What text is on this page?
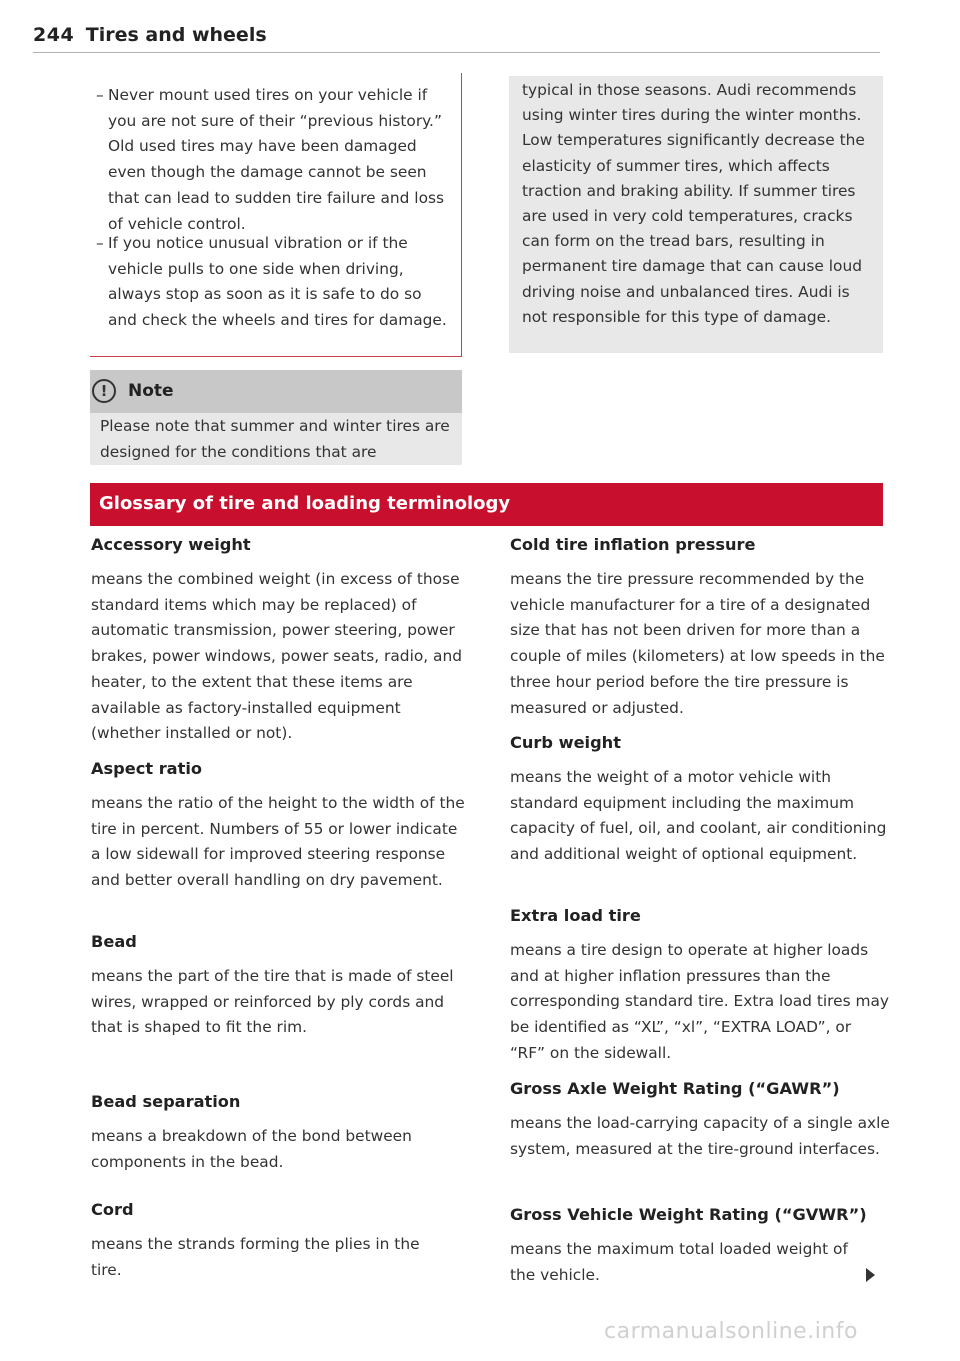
244 Tires and wheels
– Never mount used tires on your vehicle if you are not sure of their “previous history.” Old used tires may have been damaged even though the damage cannot be seen that can lead to sudden tire failure and loss of vehicle control.
– If you notice unusual vibration or if the vehicle pulls to one side when driving, always stop as soon as it is safe to do so and check the wheels and tires for damage.
!	Note
Please note that summer and winter tires are designed for the conditions that are
typical in those seasons. Audi recommends using winter tires during the winter months. Low temperatures significantly decrease the elasticity of summer tires, which affects traction and braking ability. If summer tires are used in very cold temperatures, cracks can form on the tread bars, resulting in permanent tire damage that can cause loud driving noise and unbalanced tires. Audi is not responsible for this type of damage.
Glossary of tire and loading terminology
Accessory weight
means the combined weight (in excess of those standard items which may be replaced) of automatic transmission, power steering, power brakes, power windows, power seats, radio, and heater, to the extent that these items are available as factory-installed equipment (whether installed or not).
Aspect ratio
means the ratio of the height to the width of the tire in percent. Numbers of 55 or lower indicate a low sidewall for improved steering response and better overall handling on dry pavement.
Bead
means the part of the tire that is made of steel wires, wrapped or reinforced by ply cords and that is shaped to fit the rim.
Bead separation
means a breakdown of the bond between components in the bead.
Cord
means the strands forming the plies in the tire.
Cold tire inflation pressure
means the tire pressure recommended by the vehicle manufacturer for a tire of a designated size that has not been driven for more than a couple of miles (kilometers) at low speeds in the three hour period before the tire pressure is measured or adjusted.
Curb weight
means the weight of a motor vehicle with standard equipment including the maximum capacity of fuel, oil, and coolant, air conditioning and additional weight of optional equipment.
Extra load tire
means a tire design to operate at higher loads and at higher inflation pressures than the corresponding standard tire. Extra load tires may be identified as “XL”, “xl”, “EXTRA LOAD”, or “RF” on the sidewall.
Gross Axle Weight Rating (“GAWR”)
means the load-carrying capacity of a single axle system, measured at the tire-ground interfaces.
Gross Vehicle Weight Rating (“GVWR”)
means the maximum total loaded weight of the vehicle.
carmanualsonline.info
